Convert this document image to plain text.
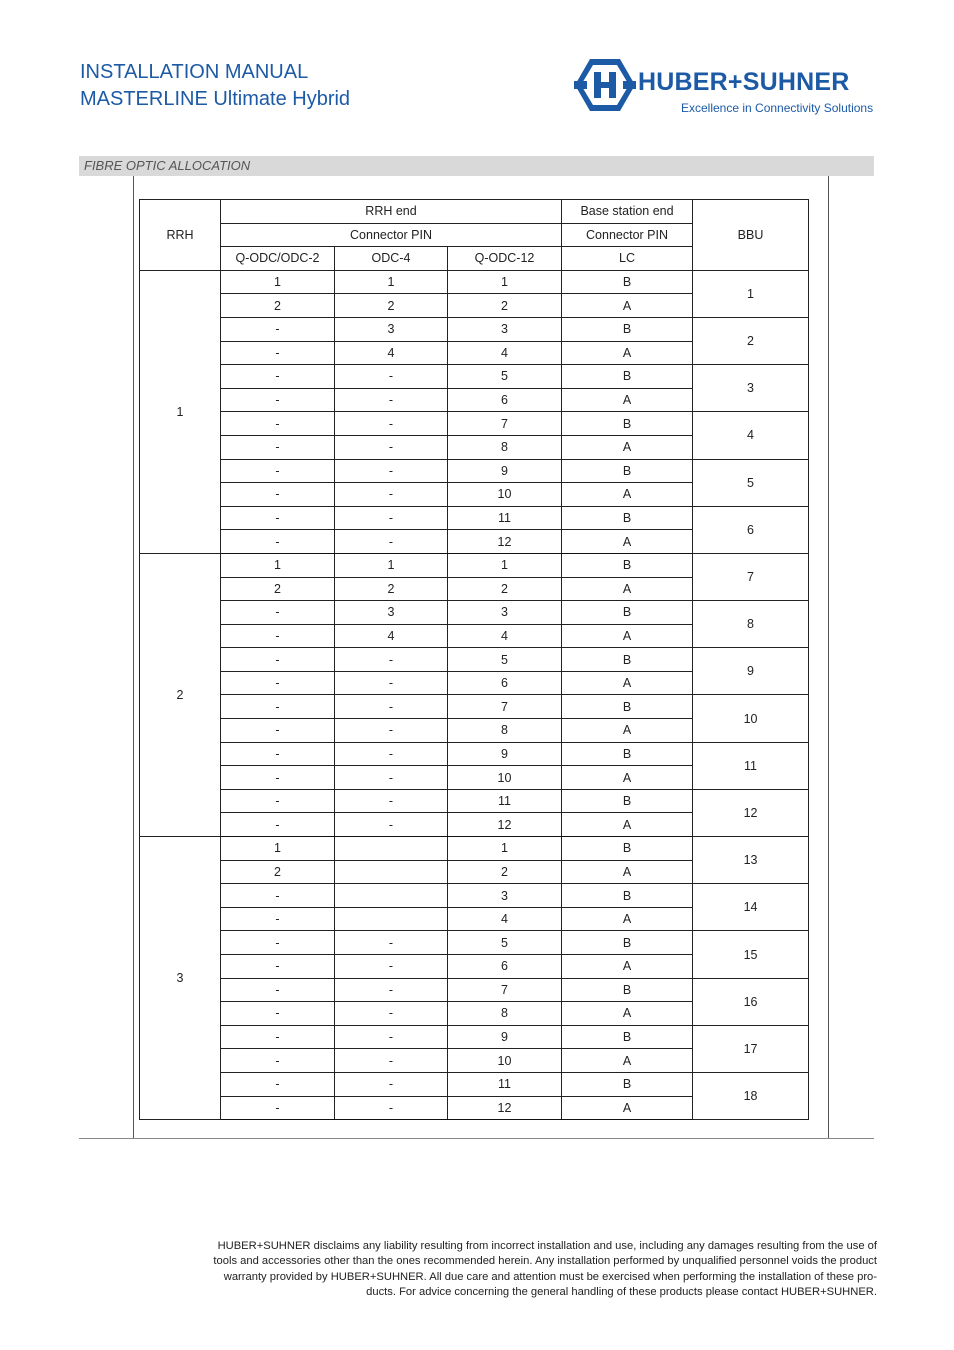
INSTALLATION MANUAL
MASTERLINE Ultimate Hybrid
HUBER+SUHNER
Excellence in Connectivity Solutions
FIBRE OPTIC ALLOCATION
RRH	RRH end			Base station end	BBU
	Connector PIN			Connector PIN	
	Q-ODC/ODC-2	ODC-4	Q-ODC-12	LC	
1	1	1	1	B	1
	2	2	2	A	
	-	3	3	B	2
	-	4	4	A	
	-	-	5	B	3
	-	-	6	A	
	-	-	7	B	4
	-	-	8	A	
	-	-	9	B	5
	-	-	10	A	
	-	-	11	B	6
	-	-	12	A	
2	1	1	1	B	7
	2	2	2	A	
	-	3	3	B	8
	-	4	4	A	
	-	-	5	B	9
	-	-	6	A	
	-	-	7	B	10
	-	-	8	A	
	-	-	9	B	11
	-	-	10	A	
	-	-	11	B	12
	-	-	12	A	
3	1		1	B	13
	2		2	A	
	-		3	B	14
	-		4	A	
	-	-	5	B	15
	-	-	6	A	
	-	-	7	B	16
	-	-	8	A	
	-	-	9	B	17
	-	-	10	A	
	-	-	11	B	18
	-	-	12	A	
HUBER+SUHNER disclaims any liability resulting from incorrect installation and use, including any damages resulting from the use of
tools and accessories other than the ones recommended herein. Any installation performed by unqualified personnel voids the product
warranty provided by HUBER+SUHNER. All due care and attention must be exercised when performing the installation of these pro-
ducts. For advice concerning the general handling of these products please contact HUBER+SUHNER.
